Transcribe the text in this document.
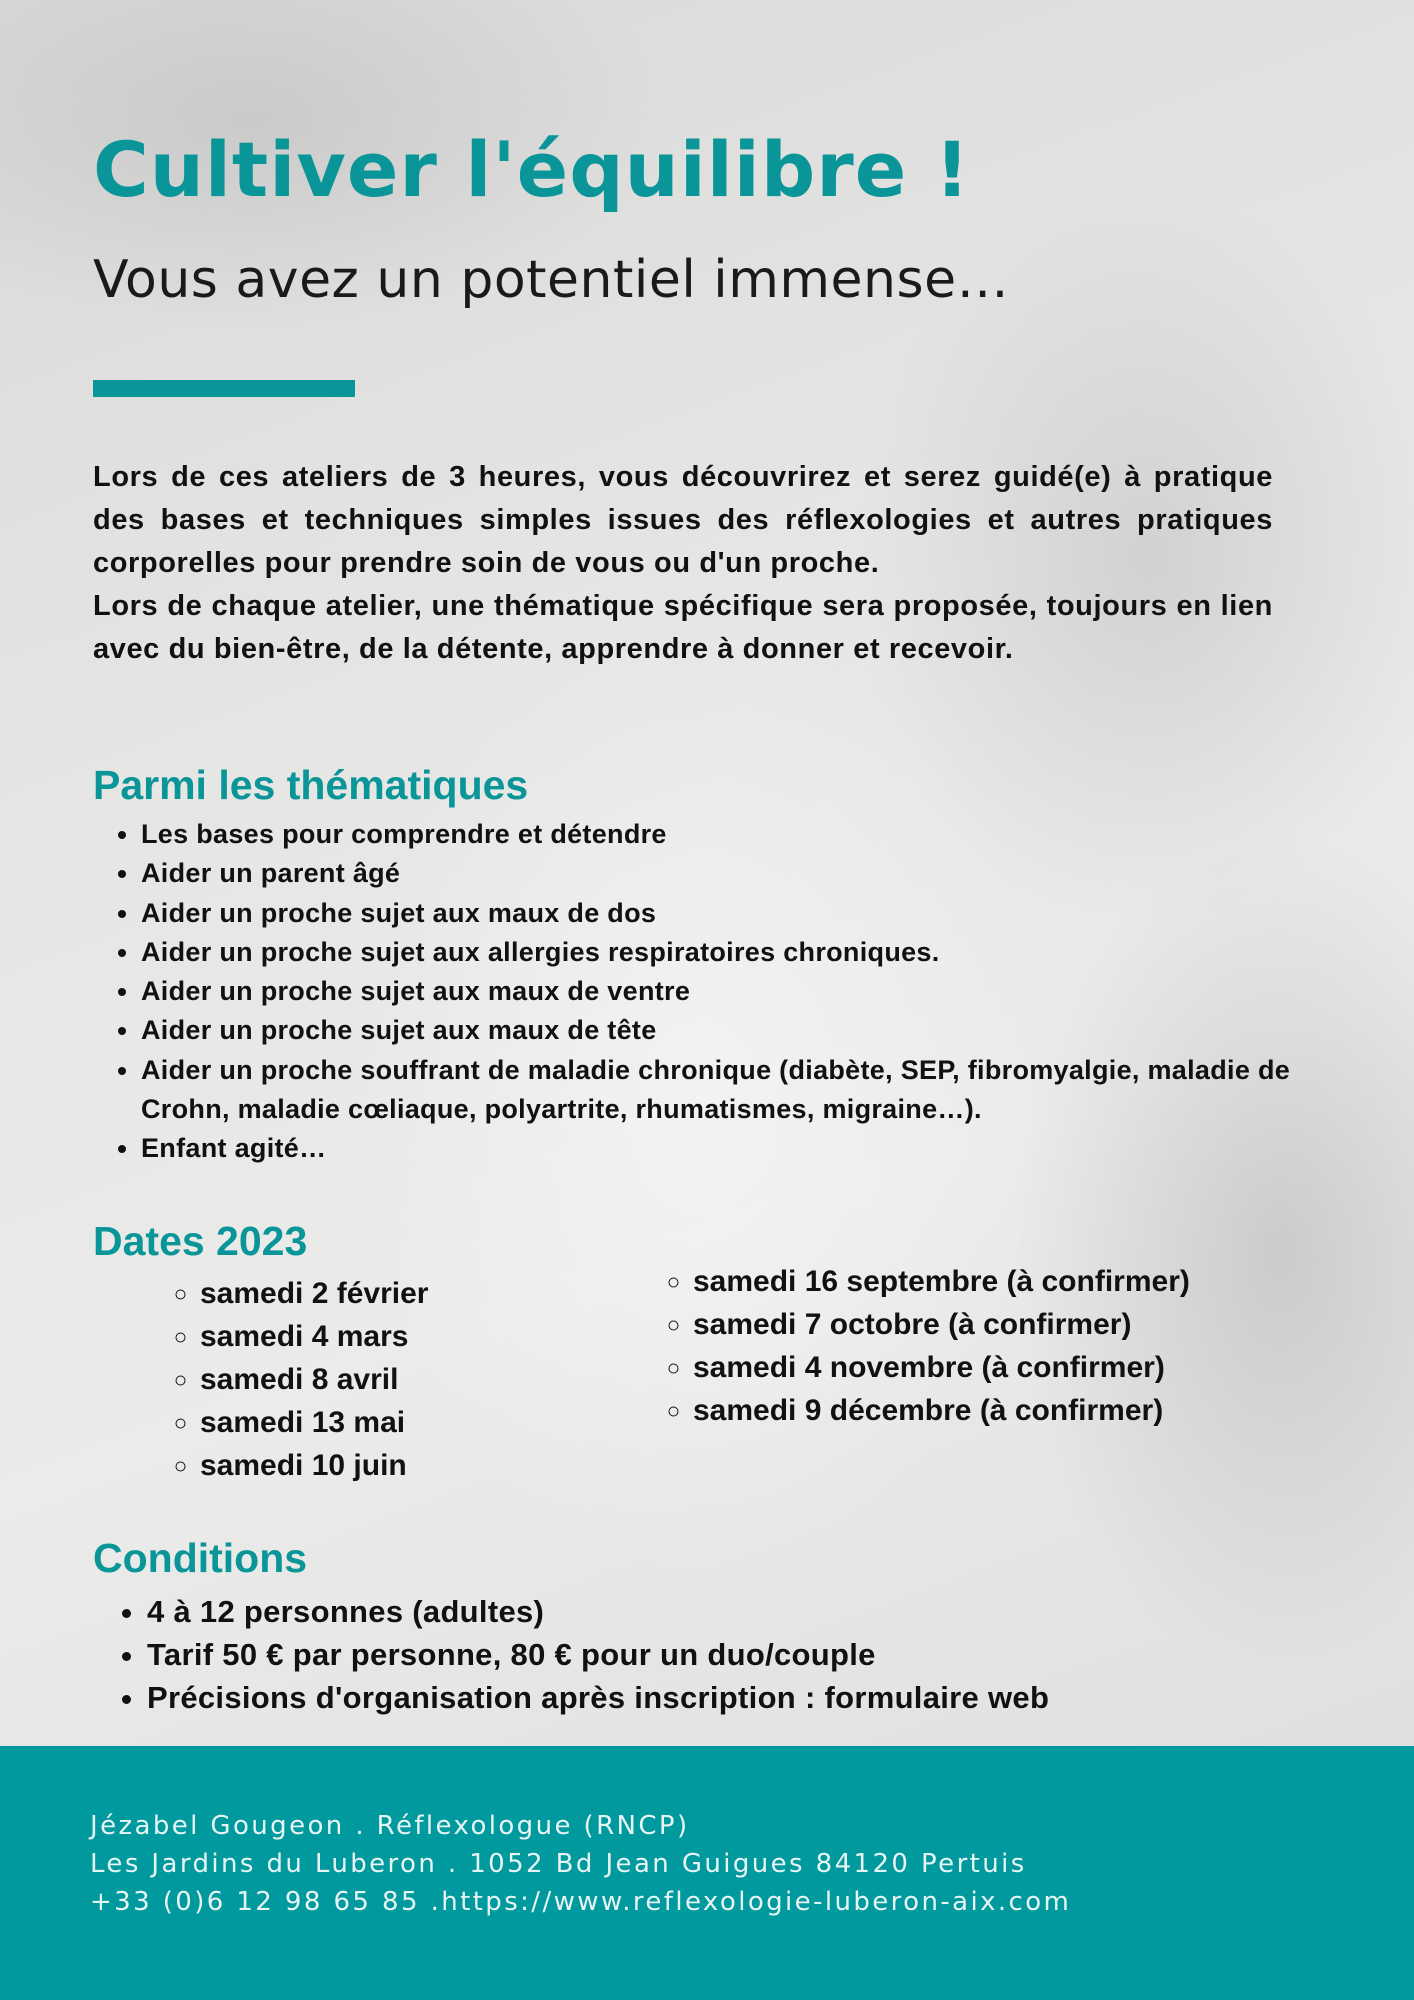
Cultiver l'équilibre !
Vous avez un potentiel immense…

Lors de ces ateliers de 3 heures, vous découvrirez et serez guidé(e) à pratique des bases et techniques simples issues des réflexologies et autres pratiques corporelles pour prendre soin de vous ou d'un proche.

Lors de chaque atelier, une thématique spécifique sera proposée, toujours en lien avec du bien-être, de la détente, apprendre à donner et recevoir.

Parmi les thématiques
• Les bases pour comprendre et détendre
• Aider un parent âgé
• Aider un proche sujet aux maux de dos
• Aider un proche sujet aux allergies respiratoires chroniques.
• Aider un proche sujet aux maux de ventre
• Aider un proche sujet aux maux de tête
• Aider un proche souffrant de maladie chronique (diabète, SEP, fibromyalgie, maladie de Crohn, maladie cœliaque, polyartrite, rhumatismes, migraine…).
• Enfant agité…
Dates 2023
◦ samedi 2 février
◦ samedi 4 mars
◦ samedi 8 avril
◦ samedi 13 mai
◦ samedi 10 juin
◦ samedi 16 septembre (à confirmer)
◦ samedi 7 octobre (à confirmer)
◦ samedi 4 novembre (à confirmer)
◦ samedi 9 décembre (à confirmer)
Conditions
• 4 à 12 personnes (adultes)
• Tarif 50 € par personne, 80 € pour un duo/couple
• Précisions d'organisation après inscription : formulaire web

Jézabel Gougeon . Réflexologue (RNCP)

Les Jardins du Luberon . 1052 Bd Jean Guigues 84120 Pertuis

+33 (0)6 12 98 65 85 .https://www.reflexologie-luberon-aix.com
